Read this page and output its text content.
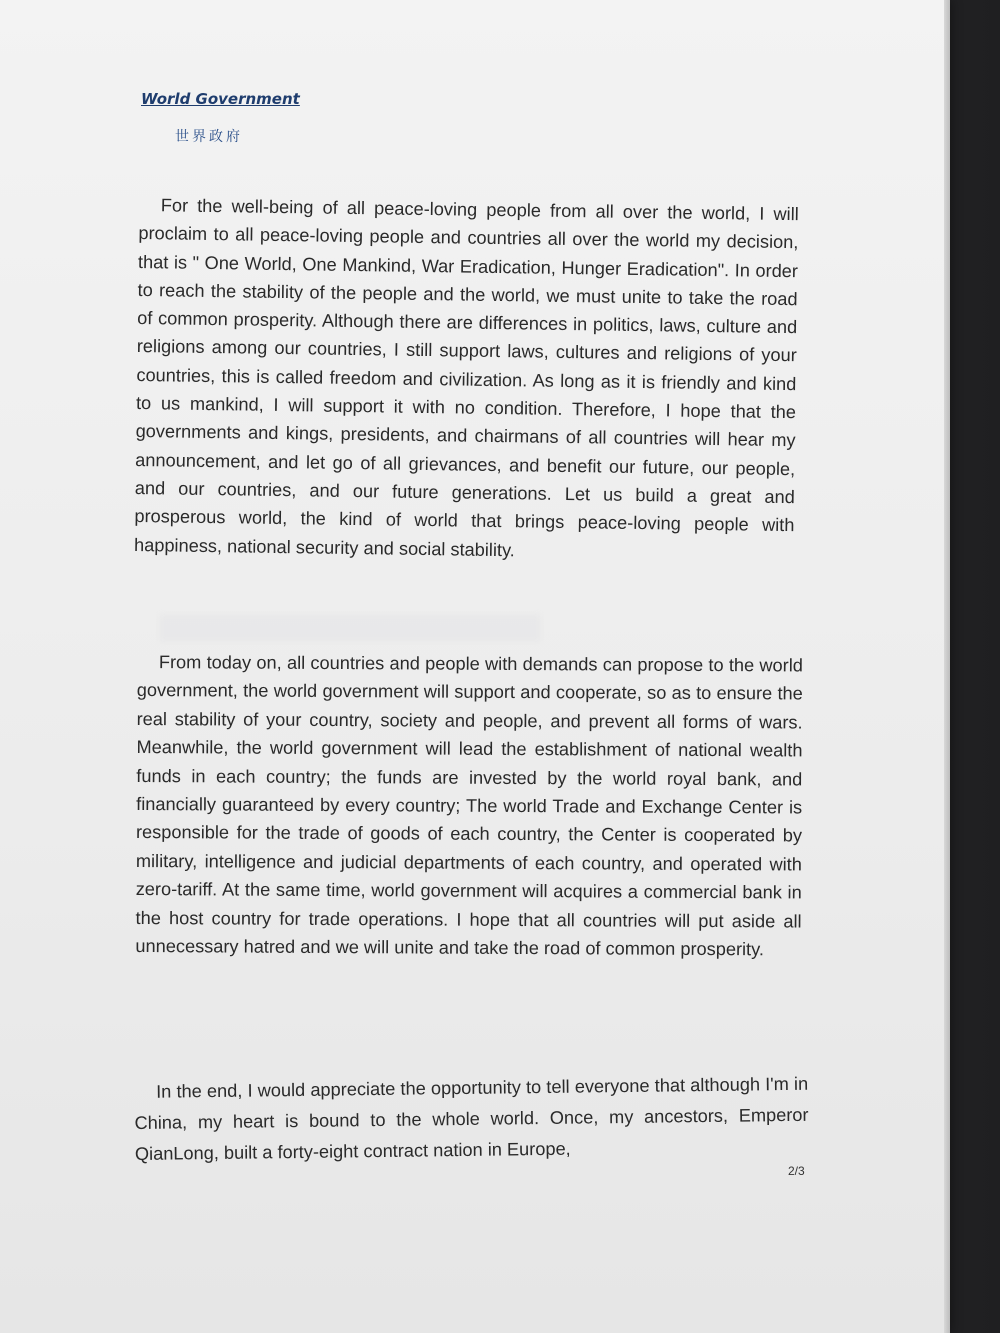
World Government

世界政府

For the well-being of all peace-loving people from all over the world, I will proclaim to all peace-loving people and countries all over the world my decision, that is " One World, One Mankind, War Eradication, Hunger Eradication". In order to reach the stability of the people and the world, we must unite to take the road of common prosperity. Although there are differences in politics, laws, culture and religions among our countries, I still support laws, cultures and religions of your countries, this is called freedom and civilization. As long as it is friendly and kind to us mankind, I will support it with no condition. Therefore, I hope that the governments and kings, presidents, and chairmans of all countries will hear my announcement, and let go of all grievances, and benefit our future, our people, and our countries, and our future generations. Let us build a great and prosperous world, the kind of world that brings peace-loving people with happiness, national security and social stability.

From today on, all countries and people with demands can propose to the world government, the world government will support and cooperate, so as to ensure the real stability of your country, society and people, and prevent all forms of wars. Meanwhile, the world government will lead the establishment of national wealth funds in each country; the funds are invested by the world royal bank, and financially guaranteed by every country; The world Trade and Exchange Center is responsible for the trade of goods of each country, the Center is cooperated by military, intelligence and judicial departments of each country, and operated with zero-tariff. At the same time, world government will acquires a commercial bank in the host country for trade operations. I hope that all countries will put aside all unnecessary hatred and we will unite and take the road of common prosperity.

In the end, I would appreciate the opportunity to tell everyone that although I'm in China, my heart is bound to the whole world. Once, my ancestors, Emperor QianLong, built a forty-eight contract nation in Europe,

2/3
